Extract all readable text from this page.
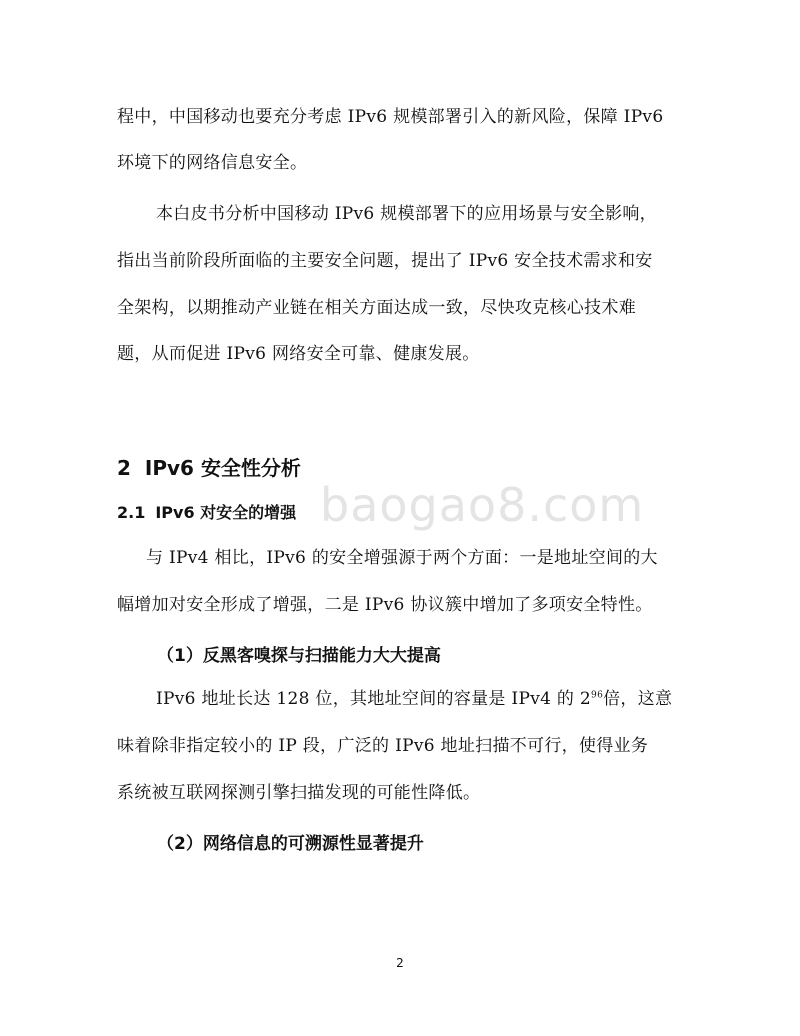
baogao8.com
程中，中国移动也要充分考虑 IPv6 规模部署引入的新风险，保障 IPv6
环境下的网络信息安全。
本白皮书分析中国移动 IPv6 规模部署下的应用场景与安全影响，
指出当前阶段所面临的主要安全问题，提出了 IPv6 安全技术需求和安
全架构，以期推动产业链在相关方面达成一致，尽快攻克核心技术难
题，从而促进 IPv6 网络安全可靠、健康发展。
2 IPv6 安全性分析
2.1 IPv6 对安全的增强
与 IPv4 相比，IPv6 的安全增强源于两个方面：一是地址空间的大
幅增加对安全形成了增强，二是 IPv6 协议簇中增加了多项安全特性。
（1）反黑客嗅探与扫描能力大大提高
IPv6 地址长达 128 位，其地址空间的容量是 IPv4 的 $2^{96}$倍，这意
味着除非指定较小的 IP 段，广泛的 IPv6 地址扫描不可行，使得业务
系统被互联网探测引擎扫描发现的可能性降低。
（2）网络信息的可溯源性显著提升
2
